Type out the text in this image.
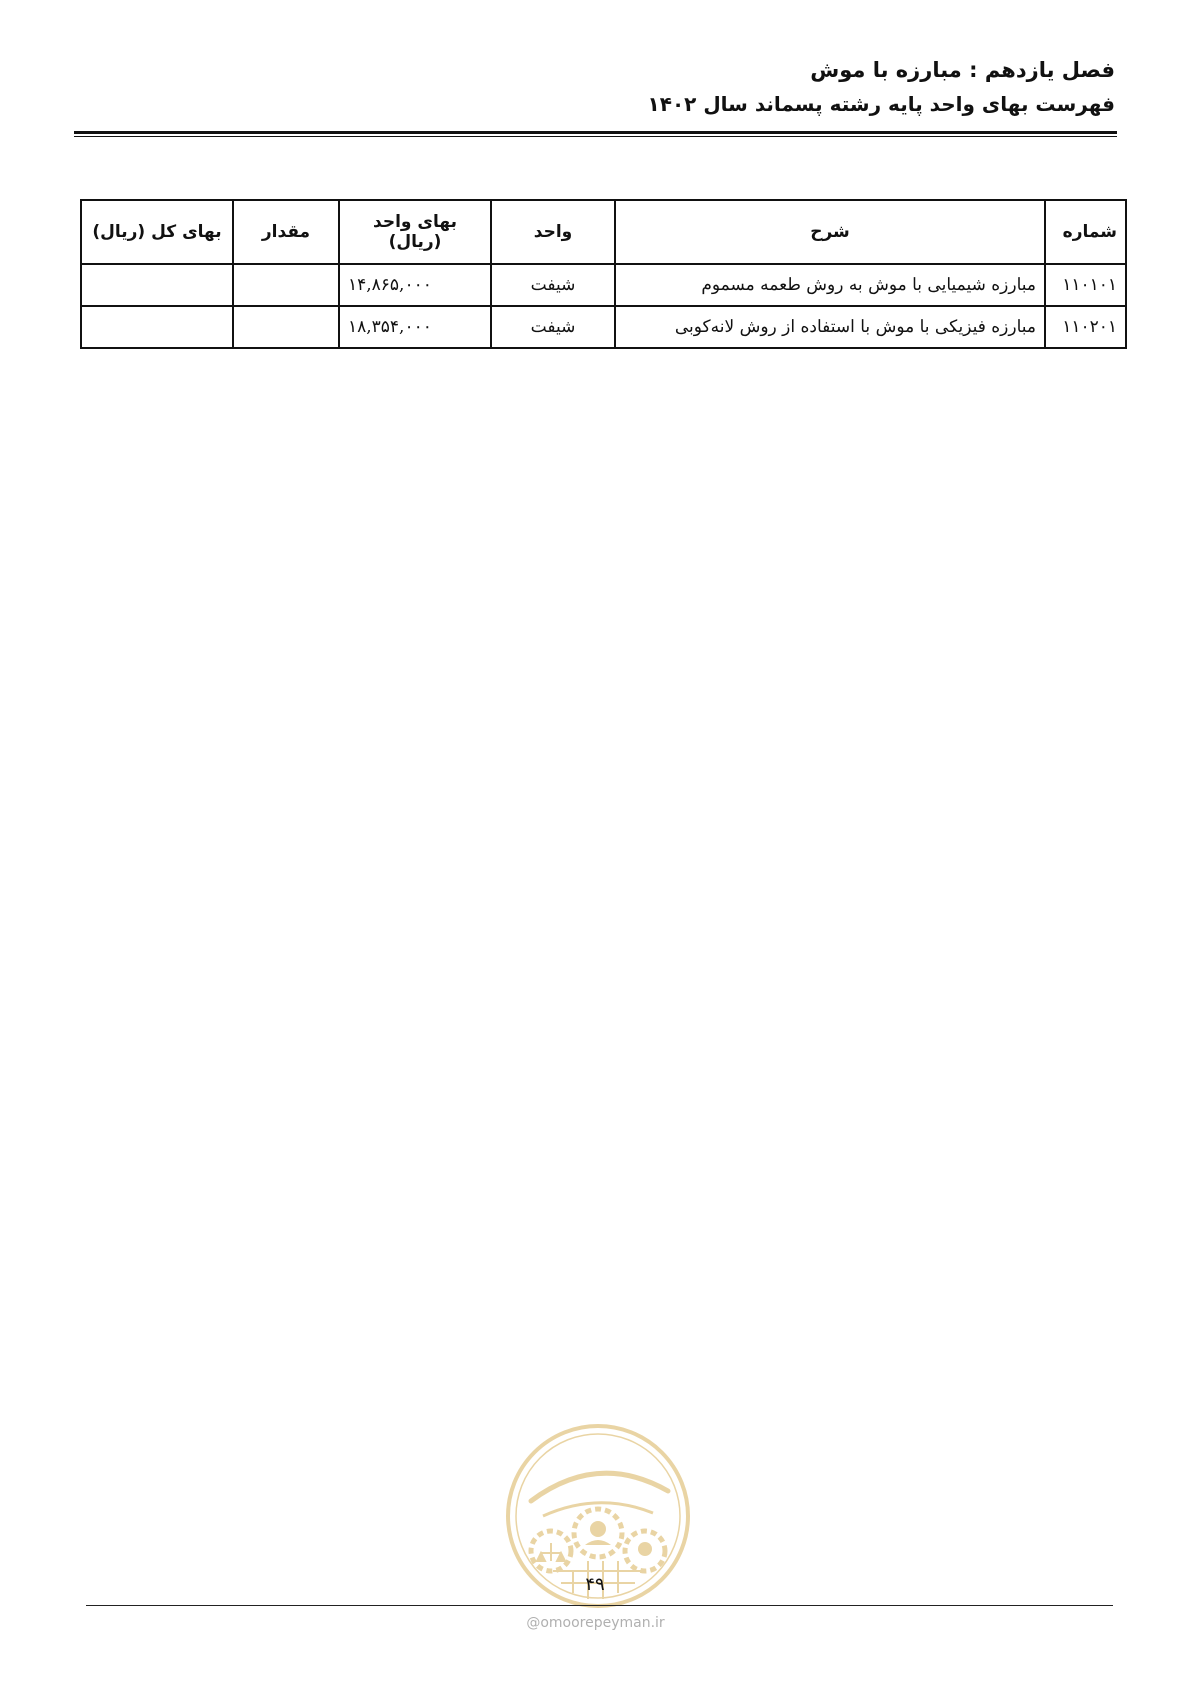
فصل یازدهم : مبارزه با موش
فهرست بهای واحد پایه رشته پسماند سال ۱۴۰۲
شماره	شرح	واحد	بهای واحد (ریال)	مقدار	بهای کل (ریال)
۱۱۰۱۰۱	مبارزه شیمیایی با موش به روش طعمه مسموم	شیفت	۱۴,۸۶۵,۰۰۰		
۱۱۰۲۰۱	مبارزه فیزیکی با موش با استفاده از روش لانه‌کوبی	شیفت	۱۸,۳۵۴,۰۰۰		
۴۹
@omoorepeyman.ir
